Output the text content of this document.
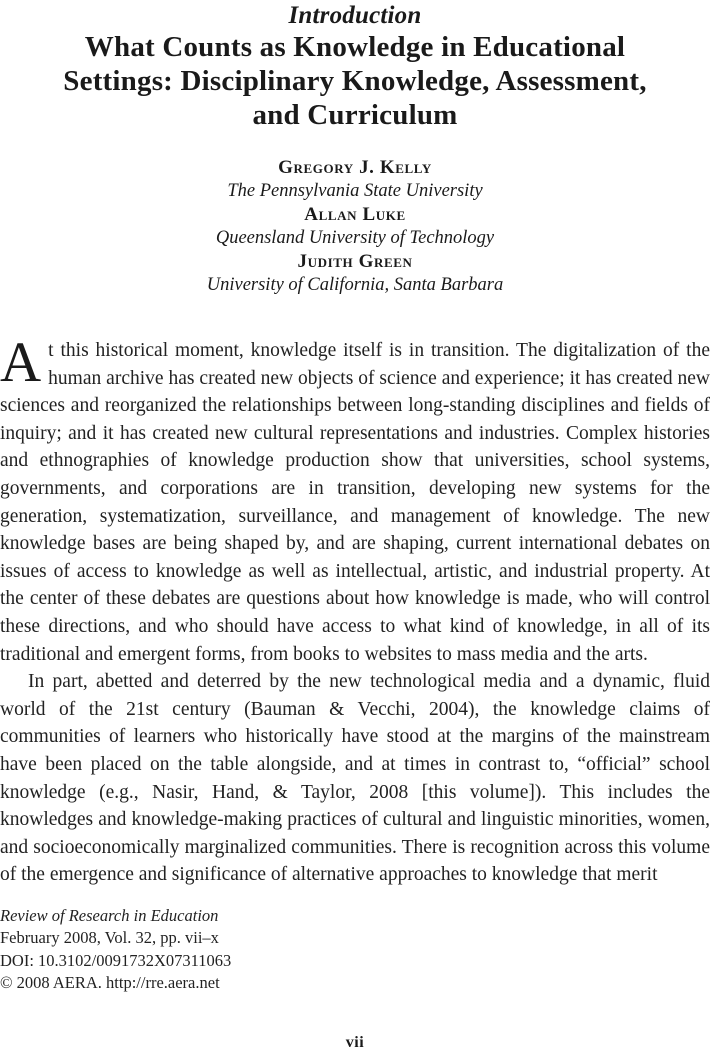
Introduction
What Counts as Knowledge in Educational Settings: Disciplinary Knowledge, Assessment, and Curriculum
Gregory J. Kelly
The Pennsylvania State University
Allan Luke
Queensland University of Technology
Judith Green
University of California, Santa Barbara

At this historical moment, knowledge itself is in transition. The digitalization of the human archive has created new objects of science and experience; it has created new sciences and reorganized the relationships between long-standing disciplines and fields of inquiry; and it has created new cultural representations and industries. Complex histories and ethnographies of knowledge production show that universities, school systems, governments, and corporations are in transition, developing new systems for the generation, systematization, surveillance, and management of knowledge. The new knowledge bases are being shaped by, and are shaping, current international debates on issues of access to knowledge as well as intellectual, artistic, and industrial property. At the center of these debates are questions about how knowledge is made, who will control these directions, and who should have access to what kind of knowledge, in all of its traditional and emergent forms, from books to websites to mass media and the arts.

In part, abetted and deterred by the new technological media and a dynamic, fluid world of the 21st century (Bauman & Vecchi, 2004), the knowledge claims of communities of learners who historically have stood at the margins of the mainstream have been placed on the table alongside, and at times in contrast to, “official” school knowledge (e.g., Nasir, Hand, & Taylor, 2008 [this volume]). This includes the knowledges and knowledge-making practices of cultural and linguistic minorities, women, and socioeconomically marginalized communities. There is recognition across this volume of the emergence and significance of alternative approaches to knowledge that merit

Review of Research in Education
February 2008, Vol. 32, pp. vii–x
DOI: 10.3102/0091732X07311063
© 2008 AERA. http://rre.aera.net
vii
